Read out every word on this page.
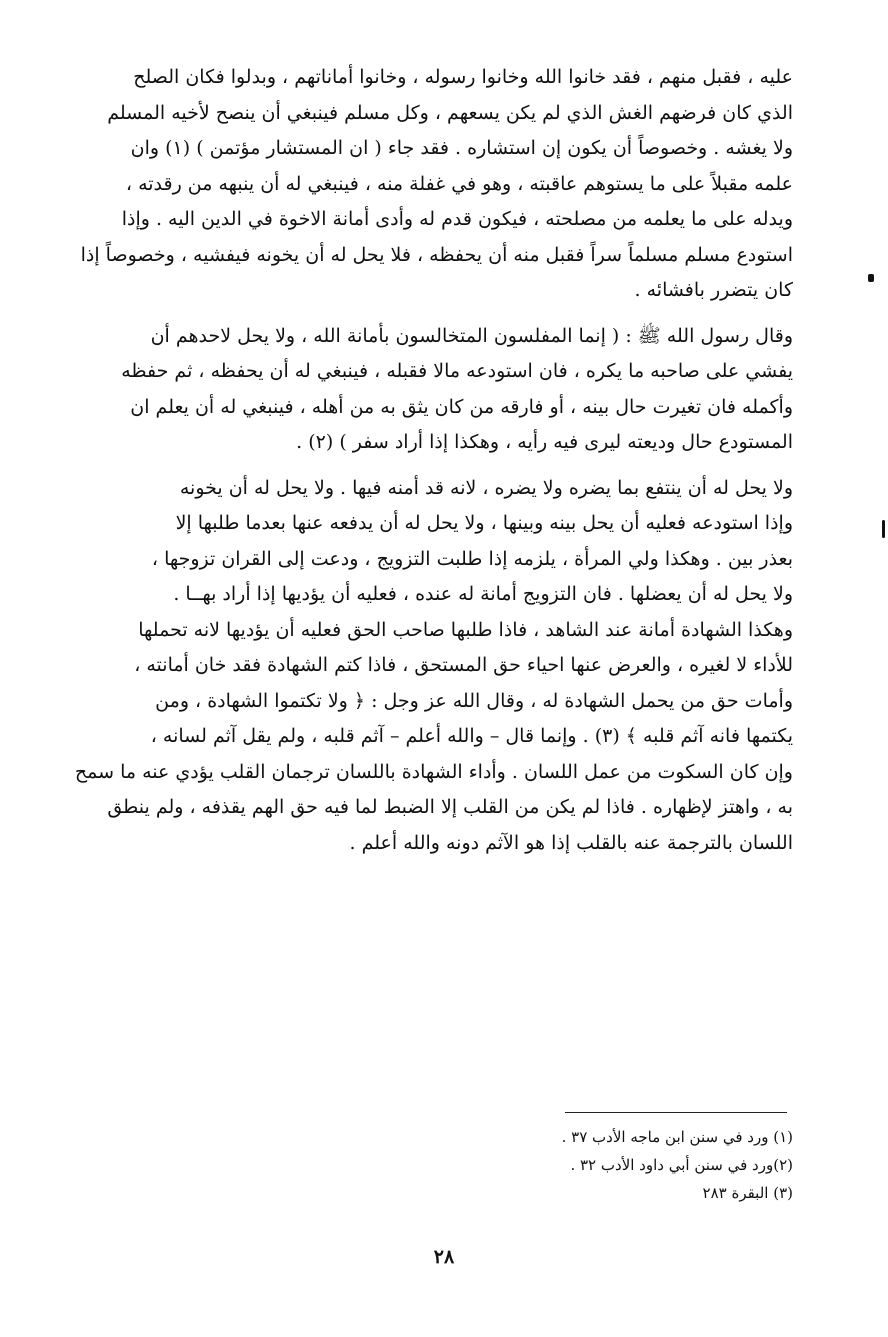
عليه ، فقبل منهم ، فقد خانوا الله وخانوا رسوله ، وخانوا أماناتهم ، وبدلوا فكان الصلح
الذي كان فرضهم الغش الذي لم يكن يسعهم ، وكل مسلم فينبغي أن ينصح لأخيه المسلم
ولا يغشه . وخصوصاً أن يكون إن استشاره . فقد جاء ( ان المستشار مؤتمن ) (١) وان
علمه مقبلاً على ما يستوهم عاقبته ، وهو في غفلة منه ، فينبغي له أن ينبهه من رقدته ،
ويدله على ما يعلمه من مصلحته ، فيكون قدم له وأدى أمانة الاخوة في الدين اليه . وإذا
استودع مسلم مسلماً سراً فقبل منه أن يحفظه ، فلا يحل له أن يخونه فيفشيه ، وخصوصاً إذا
كان يتضرر بافشائه .
وقال رسول الله ﷺ : ( إنما المفلسون المتخالسون بأمانة الله ، ولا يحل لاحدهم أن
يفشي على صاحبه ما يكره ، فان استودعه مالا فقبله ، فينبغي له أن يحفظه ، ثم حفظه
وأكمله فان تغيرت حال بينه ، أو فارقه من كان يثق به من أهله ، فينبغي له أن يعلم ان
المستودع حال وديعته ليرى فيه رأيه ، وهكذا إذا أراد سفر ) (٢) .
ولا يحل له أن ينتفع بما يضره ولا يضره ، لانه قد أمنه فيها . ولا يحل له أن يخونه
وإذا استودعه فعليه أن يحل بينه وبينها ، ولا يحل له أن يدفعه عنها بعدما طلبها إلا
بعذر بين . وهكذا ولي المرأة ، يلزمه إذا طلبت التزويج ، ودعت إلى القران تزوجها ،
ولا يحل له أن يعضلها . فان التزويج أمانة له عنده ، فعليه أن يؤديها إذا أراد بهــا .
وهكذا الشهادة أمانة عند الشاهد ، فاذا طلبها صاحب الحق فعليه أن يؤديها لانه تحملها
للأداء لا لغيره ، والعرض عنها احياء حق المستحق ، فاذا كتم الشهادة فقد خان أمانته ،
وأمات حق من يحمل الشهادة له ، وقال الله عز وجل : ﴿ ولا تكتموا الشهادة ، ومن
يكتمها فانه آثم قلبه ﴾ (٣) . وإنما قال – والله أعلم – آثم قلبه ، ولم يقل آثم لسانه ،
وإن كان السكوت من عمل اللسان . وأداء الشهادة باللسان ترجمان القلب يؤدي عنه ما سمح
به ، واهتز لإظهاره . فاذا لم يكن من القلب إلا الضبط لما فيه حق الهم يقذفه ، ولم ينطق
اللسان بالترجمة عنه بالقلب إذا هو الآثم دونه والله أعلم .
(١) ورد في سنن ابن ماجه الأدب ٣٧ .
(٢)ورد في سنن أبي داود الأدب ٣٢ .
(٣) البقرة ٢٨٣
٢٨
